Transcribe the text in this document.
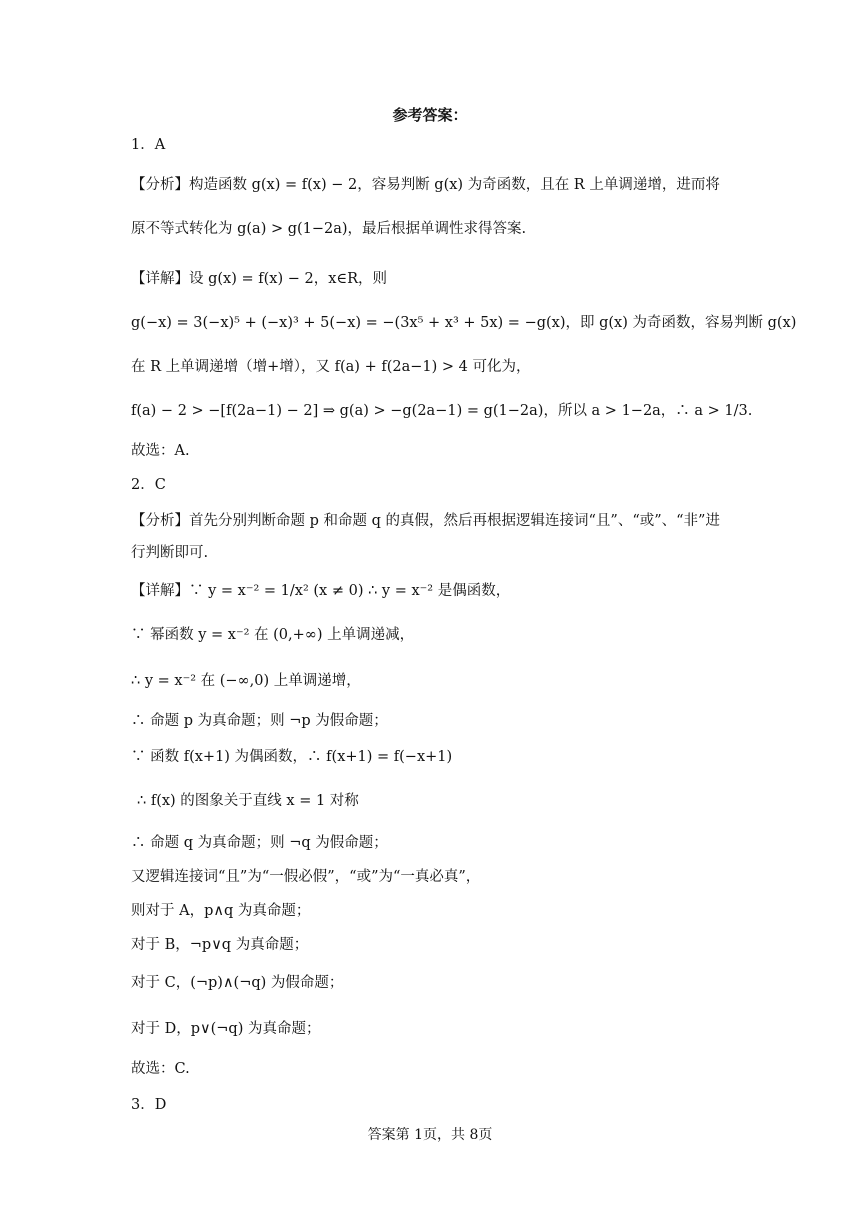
参考答案：
1．A
【分析】构造函数 g(x) = f(x) − 2，容易判断 g(x) 为奇函数，且在 R 上单调递增，进而将
原不等式转化为 g(a) > g(1−2a)，最后根据单调性求得答案.
【详解】设 g(x) = f(x) − 2，x∈R，则
g(−x) = 3(−x)⁵ + (−x)³ + 5(−x) = −(3x⁵ + x³ + 5x) = −g(x)，即 g(x) 为奇函数，容易判断 g(x)
在 R 上单调递增（增+增），又 f(a) + f(2a−1) > 4 可化为，
f(a) − 2 > −[f(2a−1) − 2] ⇒ g(a) > −g(2a−1) = g(1−2a)，所以 a > 1−2a，∴ a > 1/3.
故选：A.
2．C
【分析】首先分别判断命题 p 和命题 q 的真假，然后再根据逻辑连接词“且”、“或”、“非”进
行判断即可.
【详解】∵ y = x⁻² = 1/x² (x ≠ 0) ∴ y = x⁻² 是偶函数，
∵ 幂函数 y = x⁻² 在 (0,+∞) 上单调递减，
∴ y = x⁻² 在 (−∞,0) 上单调递增，
∴ 命题 p 为真命题；则 ¬p 为假命题；
∵ 函数 f(x+1) 为偶函数，∴ f(x+1) = f(−x+1)
∴ f(x) 的图象关于直线 x = 1 对称
∴ 命题 q 为真命题；则 ¬q 为假命题；
又逻辑连接词“且”为“一假必假”，“或”为“一真必真”，
则对于 A，p∧q 为真命题；
对于 B，¬p∨q 为真命题；
对于 C，(¬p)∧(¬q) 为假命题；
对于 D，p∨(¬q) 为真命题；
故选：C.
3．D
答案第 1页，共 8页
